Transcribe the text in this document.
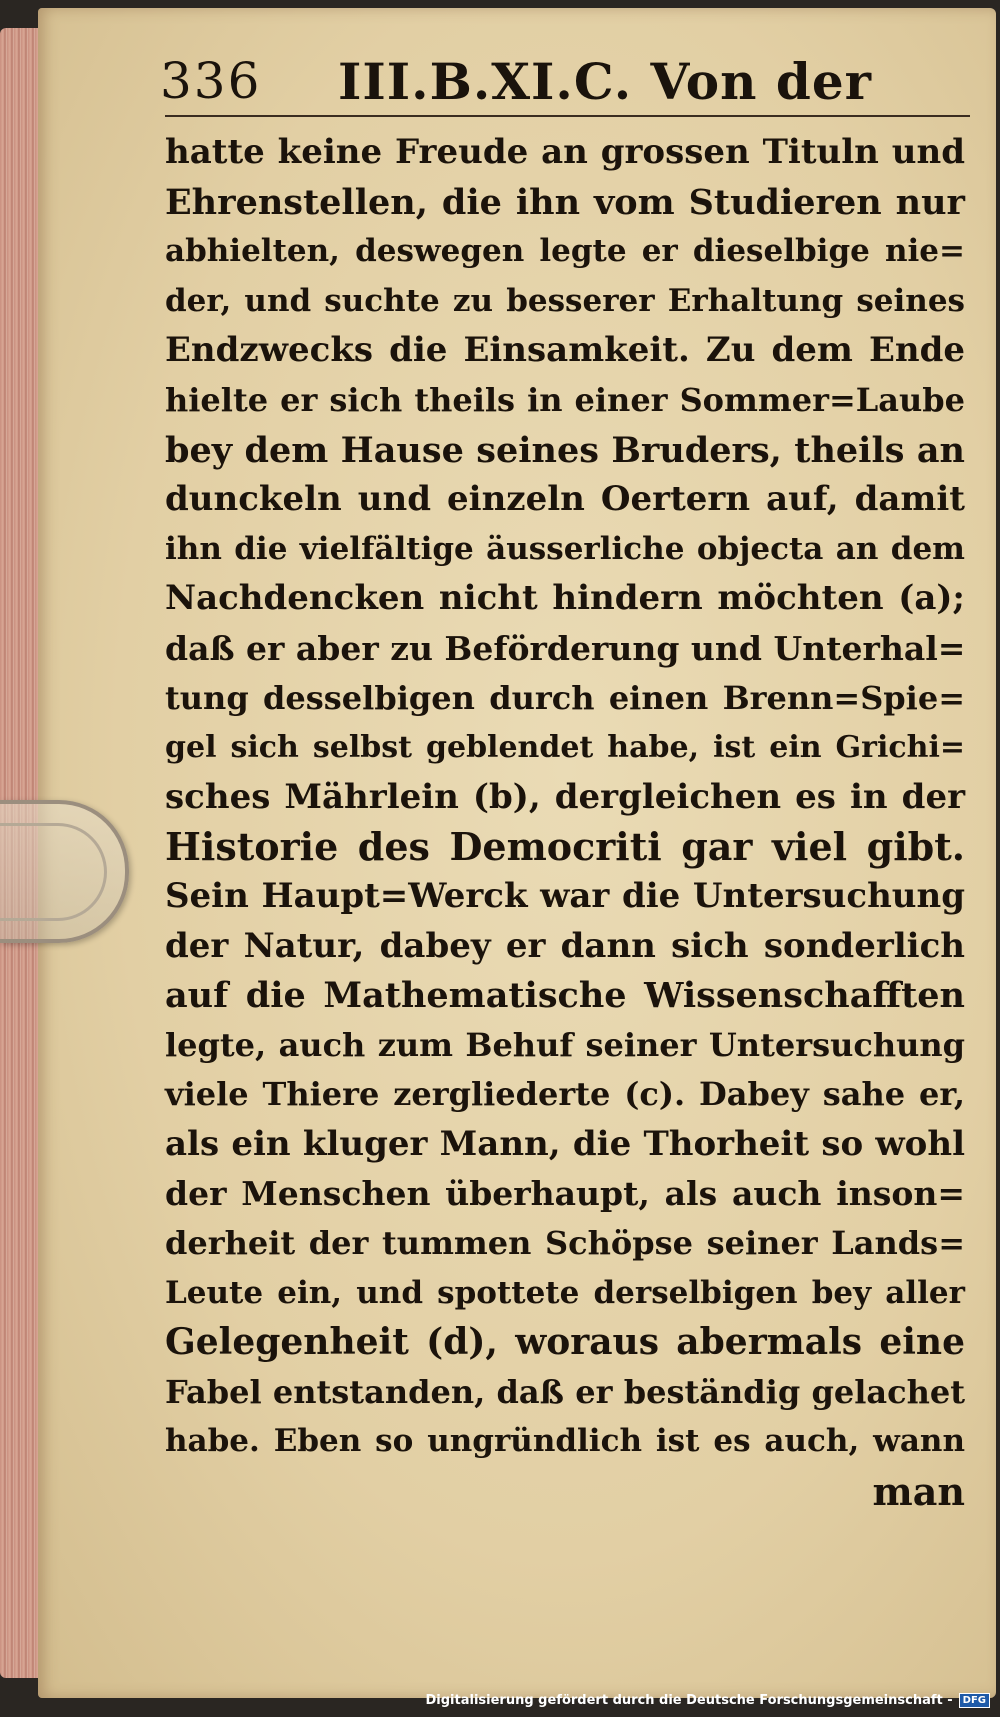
336 III.B.XI.C. Von der
hatte keine Freude an grossen Tituln und
Ehrenstellen, die ihn vom Studieren nur
abhielten, deswegen legte er dieselbige nie=
der, und suchte zu besserer Erhaltung seines
Endzwecks die Einsamkeit. Zu dem Ende
hielte er sich theils in einer Sommer=Laube
bey dem Hause seines Bruders, theils an
dunckeln und einzeln Oertern auf, damit
ihn die vielfältige äusserliche objecta an dem
Nachdencken nicht hindern möchten (a);
daß er aber zu Beförderung und Unterhal=
tung desselbigen durch einen Brenn=Spie=
gel sich selbst geblendet habe, ist ein Grichi=
sches Mährlein (b), dergleichen es in der
Historie des Democriti gar viel gibt.
Sein Haupt=Werck war die Untersuchung
der Natur, dabey er dann sich sonderlich
auf die Mathematische Wissenschafften
legte, auch zum Behuf seiner Untersuchung
viele Thiere zergliederte (c). Dabey sahe er,
als ein kluger Mann, die Thorheit so wohl
der Menschen überhaupt, als auch inson=
derheit der tummen Schöpse seiner Lands=
Leute ein, und spottete derselbigen bey aller
Gelegenheit (d), woraus abermals eine
Fabel entstanden, daß er beständig gelachet
habe. Eben so ungründlich ist es auch, wann
man
Digitalisierung gefördert durch die Deutsche Forschungsgemeinschaft -	DFG
